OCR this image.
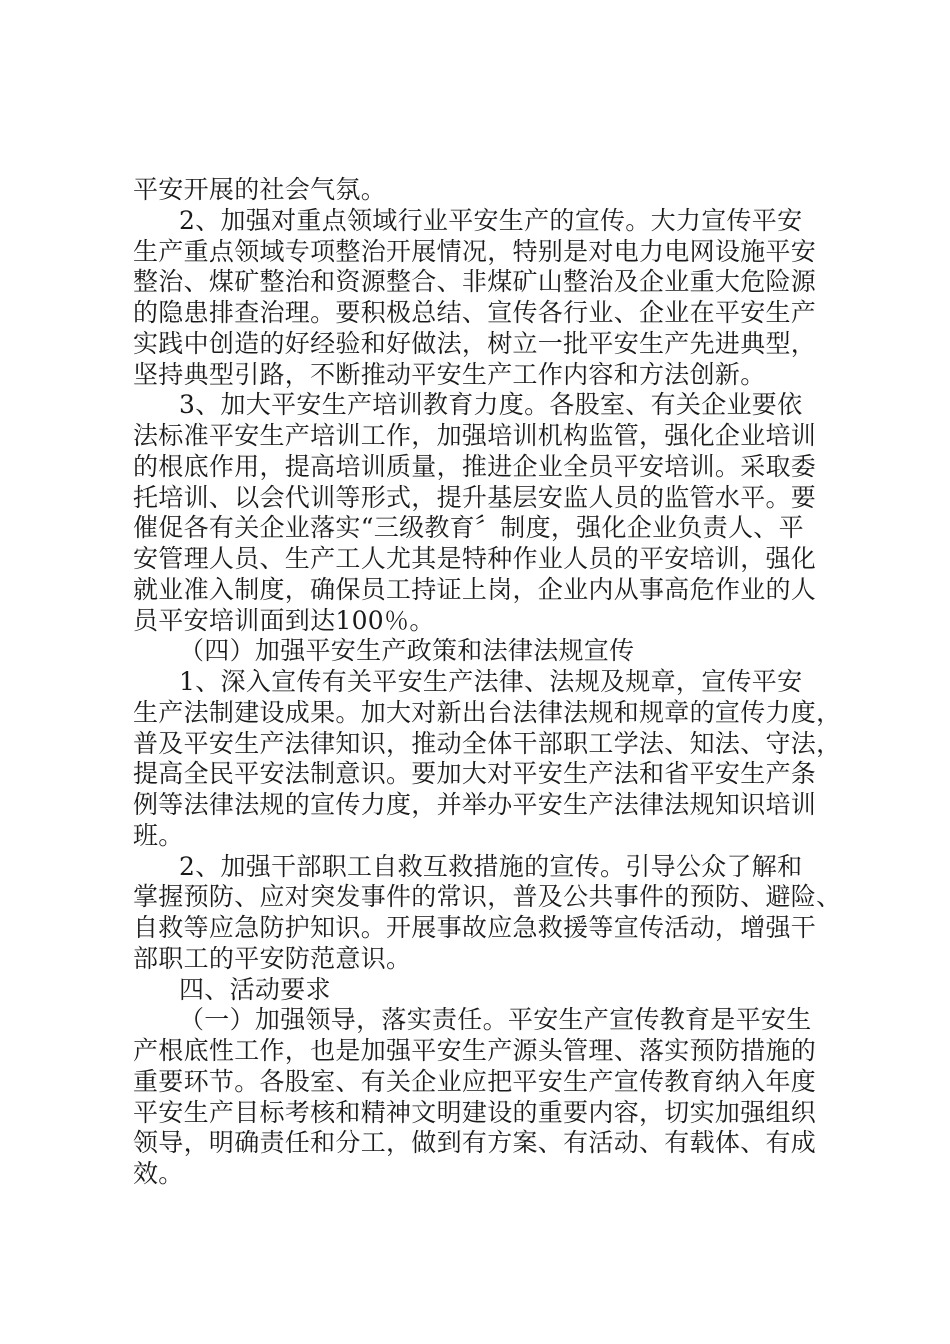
平安开展的社会气氛。
2、加强对重点领域行业平安生产的宣传。大力宣传平安
生产重点领域专项整治开展情况，特别是对电力电网设施平安
整治、煤矿整治和资源整合、非煤矿山整治及企业重大危险源
的隐患排查治理。要积极总结、宣传各行业、企业在平安生产
实践中创造的好经验和好做法，树立一批平安生产先进典型，
坚持典型引路，不断推动平安生产工作内容和方法创新。
3、加大平安生产培训教育力度。各股室、有关企业要依
法标准平安生产培训工作，加强培训机构监管，强化企业培训
的根底作用，提高培训质量，推进企业全员平安培训。采取委
托培训、以会代训等形式，提升基层安监人员的监管水平。要
催促各有关企业落实“三级教育〞制度，强化企业负责人、平
安管理人员、生产工人尤其是特种作业人员的平安培训，强化
就业准入制度，确保员工持证上岗，企业内从事高危作业的人
员平安培训面到达100％。
（四）加强平安生产政策和法律法规宣传
1、深入宣传有关平安生产法律、法规及规章，宣传平安
生产法制建设成果。加大对新出台法律法规和规章的宣传力度，
普及平安生产法律知识，推动全体干部职工学法、知法、守法，
提高全民平安法制意识。要加大对平安生产法和省平安生产条
例等法律法规的宣传力度，并举办平安生产法律法规知识培训
班。
2、加强干部职工自救互救措施的宣传。引导公众了解和
掌握预防、应对突发事件的常识，普及公共事件的预防、避险、
自救等应急防护知识。开展事故应急救援等宣传活动，增强干
部职工的平安防范意识。
四、活动要求
（一）加强领导，落实责任。平安生产宣传教育是平安生
产根底性工作，也是加强平安生产源头管理、落实预防措施的
重要环节。各股室、有关企业应把平安生产宣传教育纳入年度
平安生产目标考核和精神文明建设的重要内容，切实加强组织
领导，明确责任和分工，做到有方案、有活动、有载体、有成
效。
